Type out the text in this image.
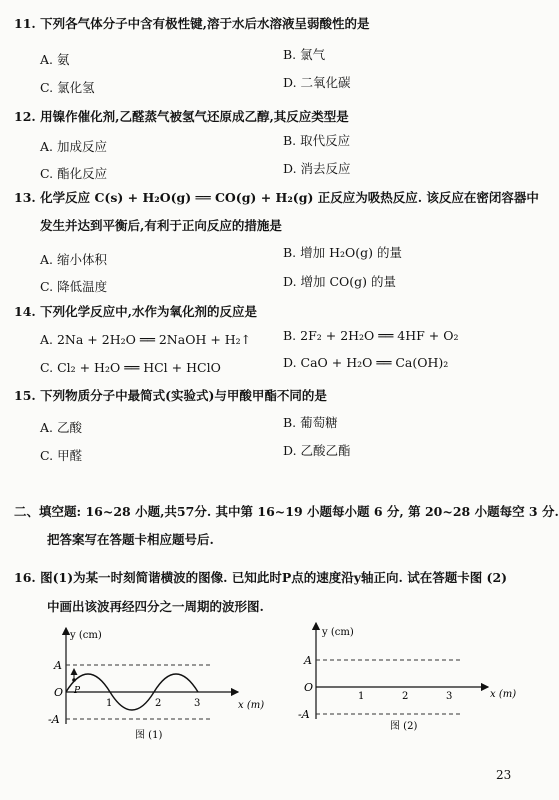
11. 下列各气体分子中含有极性键,溶于水后水溶液呈弱酸性的是
A. 氨	B. 氯气
C. 氯化氢	D. 二氧化碳
12. 用镍作催化剂,乙醛蒸气被氢气还原成乙醇,其反应类型是
A. 加成反应	B. 取代反应
C. 酯化反应	D. 消去反应
13. 化学反应 C(s) + H₂O(g) ══ CO(g) + H₂(g) 正反应为吸热反应. 该反应在密闭容器中
发生并达到平衡后,有利于正向反应的措施是
A. 缩小体积	B. 增加 H₂O(g) 的量
C. 降低温度	D. 增加 CO(g) 的量
14. 下列化学反应中,水作为氧化剂的反应是
A. 2Na + 2H₂O ══ 2NaOH + H₂↑	B. 2F₂ + 2H₂O ══ 4HF + O₂
C. Cl₂ + H₂O ══ HCl + HClO	D. CaO + H₂O ══ Ca(OH)₂
15. 下列物质分子中最简式(实验式)与甲酸甲酯不同的是
A. 乙酸	B. 葡萄糖
C. 甲醛	D. 乙酸乙酯
二、填空题: 16~28 小题,共57分. 其中第 16~19 小题每小题 6 分, 第 20~28 小题每空 3 分.
把答案写在答题卡相应题号后.
16. 图(1)为某一时刻简谐横波的图像. 已知此时P点的速度沿y轴正向. 试在答题卡图 (2)
中画出该波再经四分之一周期的波形图.
y (cm)
x (m)
A
-A
O P
1	2	3
图 (1)
y (cm)
x (m)
A
-A
O
1	2	3
图 (2)
23
